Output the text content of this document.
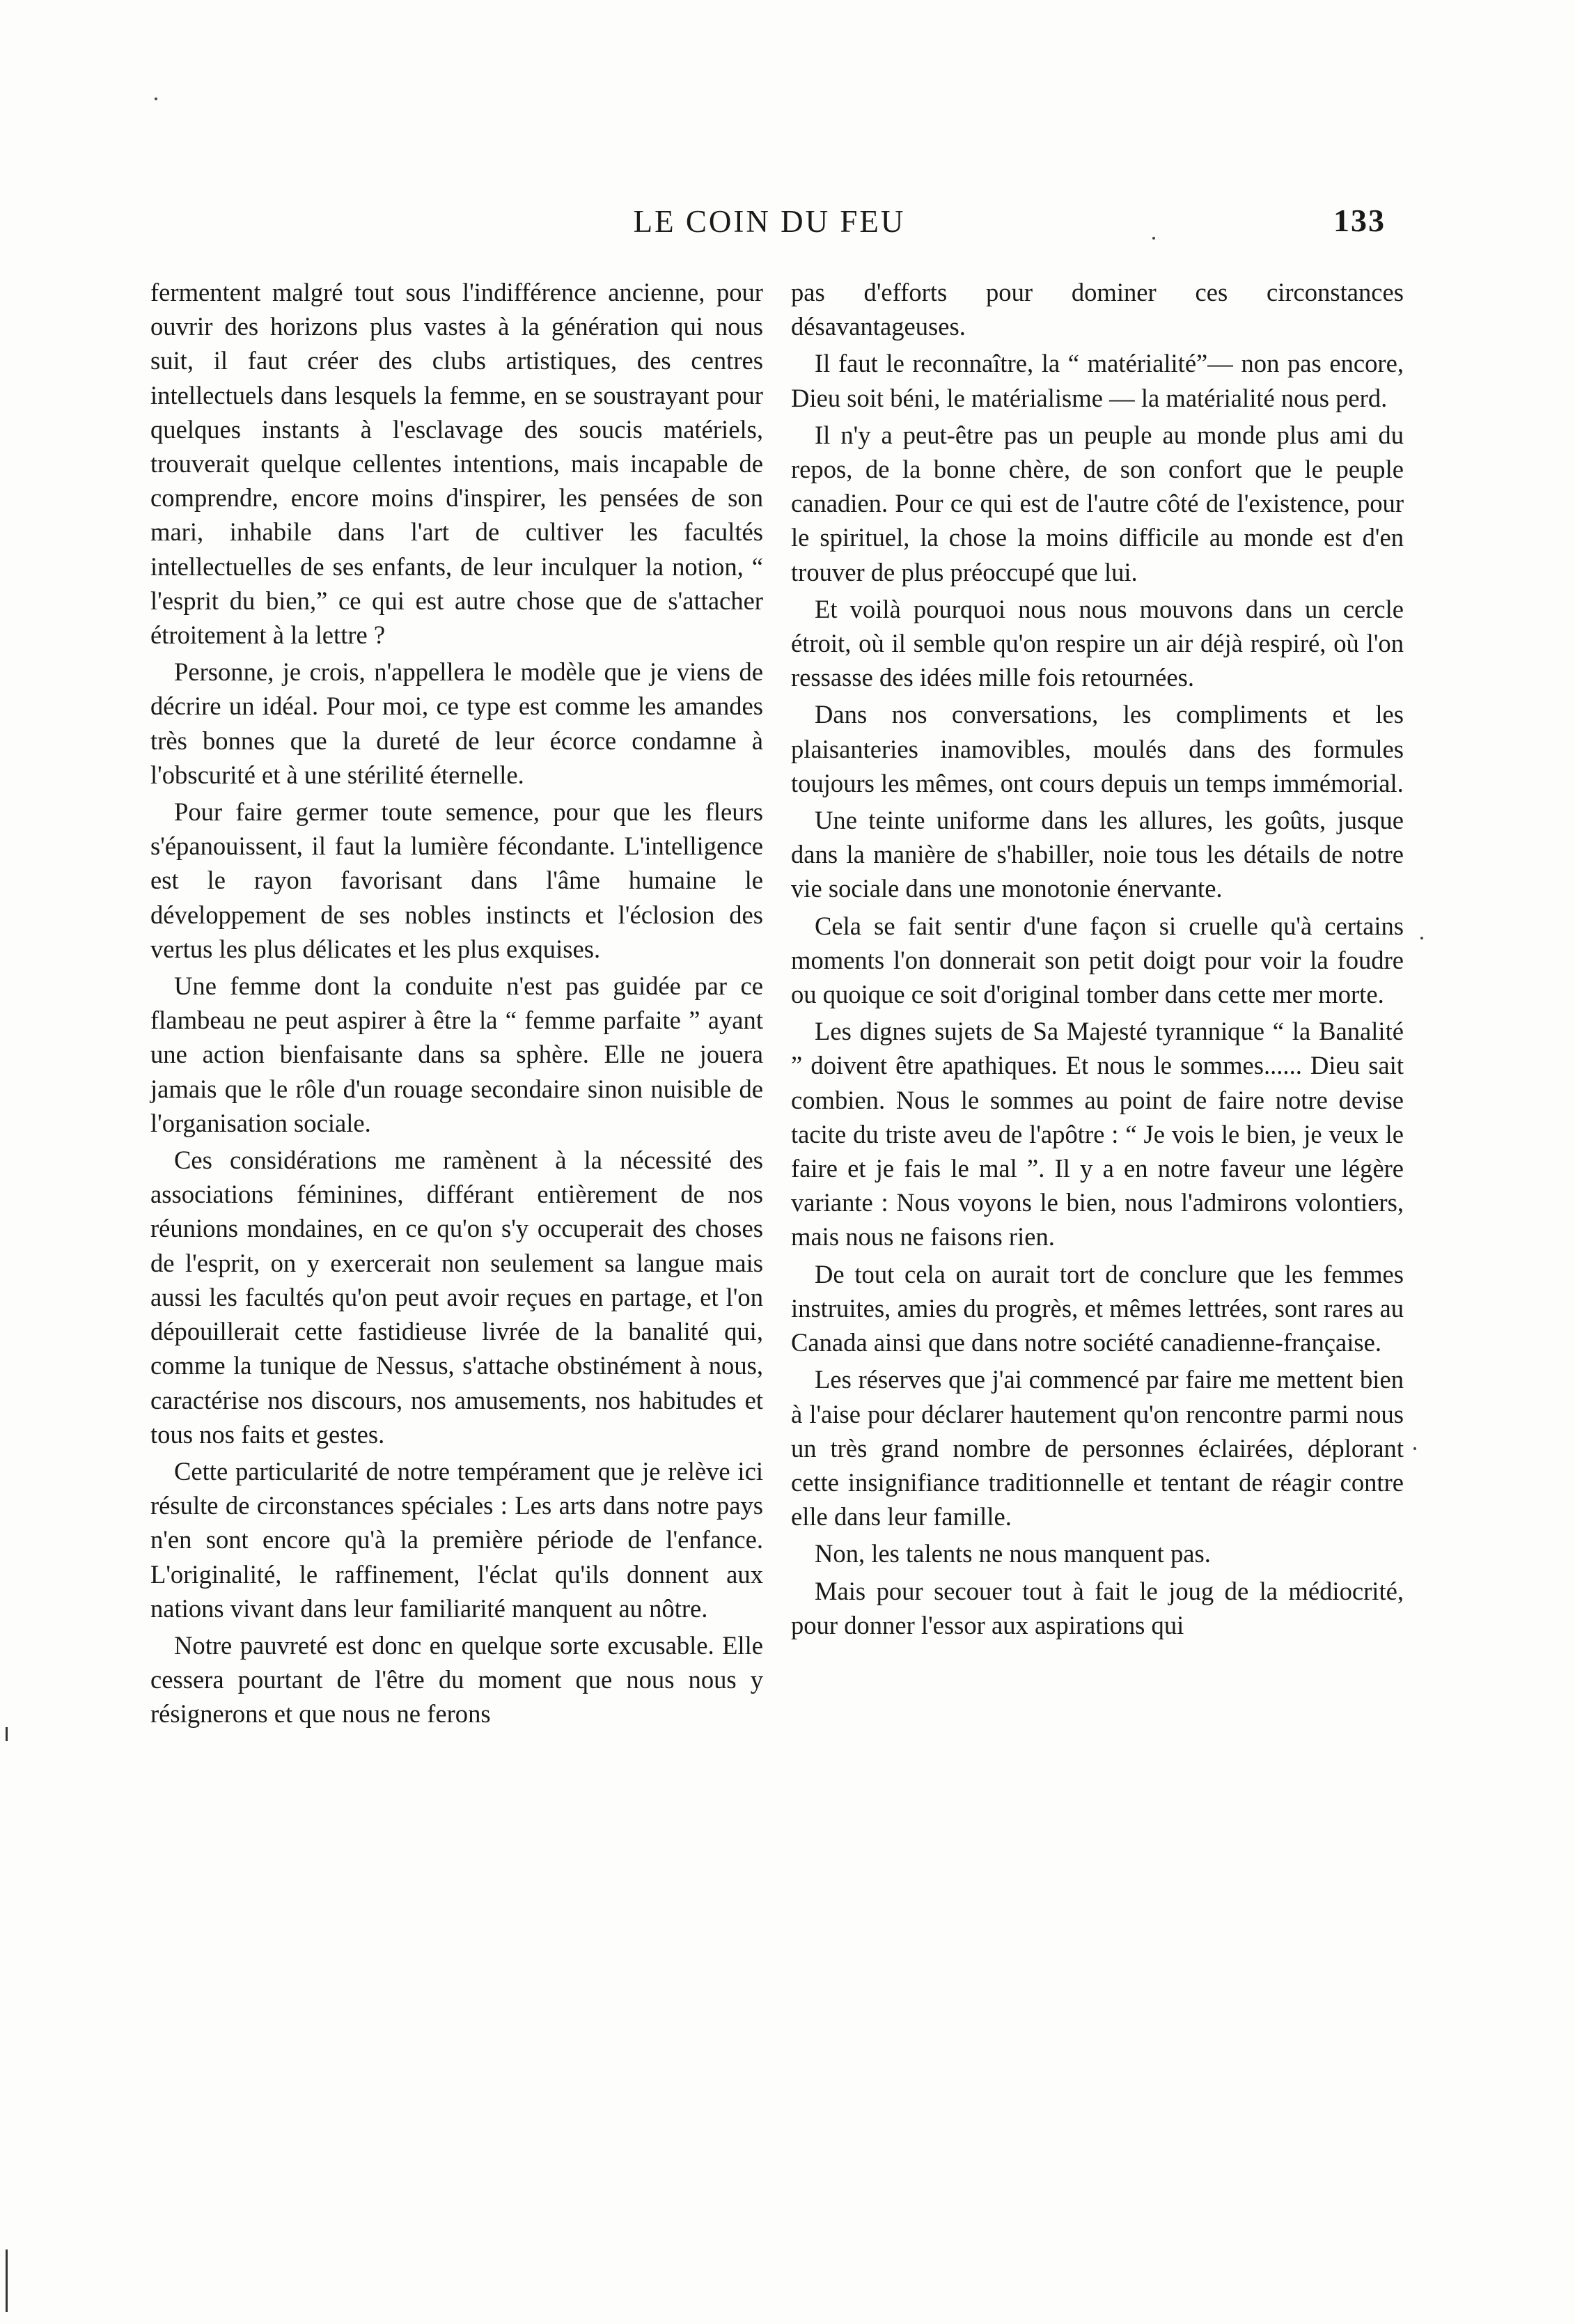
LE COIN DU FEU	133

fermentent malgré tout sous l'indifférence ancienne, pour ouvrir des horizons plus vastes à la génération qui nous suit, il faut créer des clubs artistiques, des centres intellectuels dans lesquels la femme, en se soustrayant pour quelques instants à l'esclavage des soucis matériels, trouverait quelque cellentes intentions, mais incapable de comprendre, encore moins d'inspirer, les pensées de son mari, inhabile dans l'art de cultiver les facultés intellectuelles de ses enfants, de leur inculquer la notion, “ l'esprit du bien,” ce qui est autre chose que de s'attacher étroitement à la lettre ?

Personne, je crois, n'appellera le modèle que je viens de décrire un idéal. Pour moi, ce type est comme les amandes très bonnes que la dureté de leur écorce condamne à l'obscurité et à une stérilité éternelle.

Pour faire germer toute semence, pour que les fleurs s'épanouissent, il faut la lumière fécondante. L'intelligence est le rayon favorisant dans l'âme humaine le développement de ses nobles instincts et l'éclosion des vertus les plus délicates et les plus exquises.

Une femme dont la conduite n'est pas guidée par ce flambeau ne peut aspirer à être la “ femme parfaite ” ayant une action bienfaisante dans sa sphère. Elle ne jouera jamais que le rôle d'un rouage secondaire sinon nuisible de l'organisation sociale.

Ces considérations me ramènent à la nécessité des associations féminines, différant entièrement de nos réunions mondaines, en ce qu'on s'y occuperait des choses de l'esprit, on y exercerait non seulement sa langue mais aussi les facultés qu'on peut avoir reçues en partage, et l'on dépouillerait cette fastidieuse livrée de la banalité qui, comme la tunique de Nessus, s'attache obstinément à nous, caractérise nos discours, nos amusements, nos habitudes et tous nos faits et gestes.

Cette particularité de notre tempérament que je relève ici résulte de circonstances spéciales : Les arts dans notre pays n'en sont encore qu'à la première période de l'enfance. L'originalité, le raffinement, l'éclat qu'ils donnent aux nations vivant dans leur familiarité manquent au nôtre.

Notre pauvreté est donc en quelque sorte excusable. Elle cessera pourtant de l'être du moment que nous nous y résignerons et que nous ne ferons

pas d'efforts pour dominer ces circonstances désavantageuses.

Il faut le reconnaître, la “ matérialité”— non pas encore, Dieu soit béni, le matérialisme — la matérialité nous perd.

Il n'y a peut-être pas un peuple au monde plus ami du repos, de la bonne chère, de son confort que le peuple canadien. Pour ce qui est de l'autre côté de l'existence, pour le spirituel, la chose la moins difficile au monde est d'en trouver de plus préoccupé que lui.

Et voilà pourquoi nous nous mouvons dans un cercle étroit, où il semble qu'on respire un air déjà respiré, où l'on ressasse des idées mille fois retournées.

Dans nos conversations, les compliments et les plaisanteries inamovibles, moulés dans des formules toujours les mêmes, ont cours depuis un temps immémorial.

Une teinte uniforme dans les allures, les goûts, jusque dans la manière de s'habiller, noie tous les détails de notre vie sociale dans une monotonie énervante.

Cela se fait sentir d'une façon si cruelle qu'à certains moments l'on donnerait son petit doigt pour voir la foudre ou quoique ce soit d'original tomber dans cette mer morte.

Les dignes sujets de Sa Majesté tyrannique “ la Banalité ” doivent être apathiques. Et nous le sommes...... Dieu sait combien. Nous le sommes au point de faire notre devise tacite du triste aveu de l'apôtre : “ Je vois le bien, je veux le faire et je fais le mal ”. Il y a en notre faveur une légère variante : Nous voyons le bien, nous l'admirons volontiers, mais nous ne faisons rien.

De tout cela on aurait tort de conclure que les femmes instruites, amies du progrès, et mêmes lettrées, sont rares au Canada ainsi que dans notre société canadienne-française.

Les réserves que j'ai commencé par faire me mettent bien à l'aise pour déclarer hautement qu'on rencontre parmi nous un très grand nombre de personnes éclairées, déplorant cette insignifiance traditionnelle et tentant de réagir contre elle dans leur famille.

Non, les talents ne nous manquent pas.

Mais pour secouer tout à fait le joug de la médiocrité, pour donner l'essor aux aspirations qui
